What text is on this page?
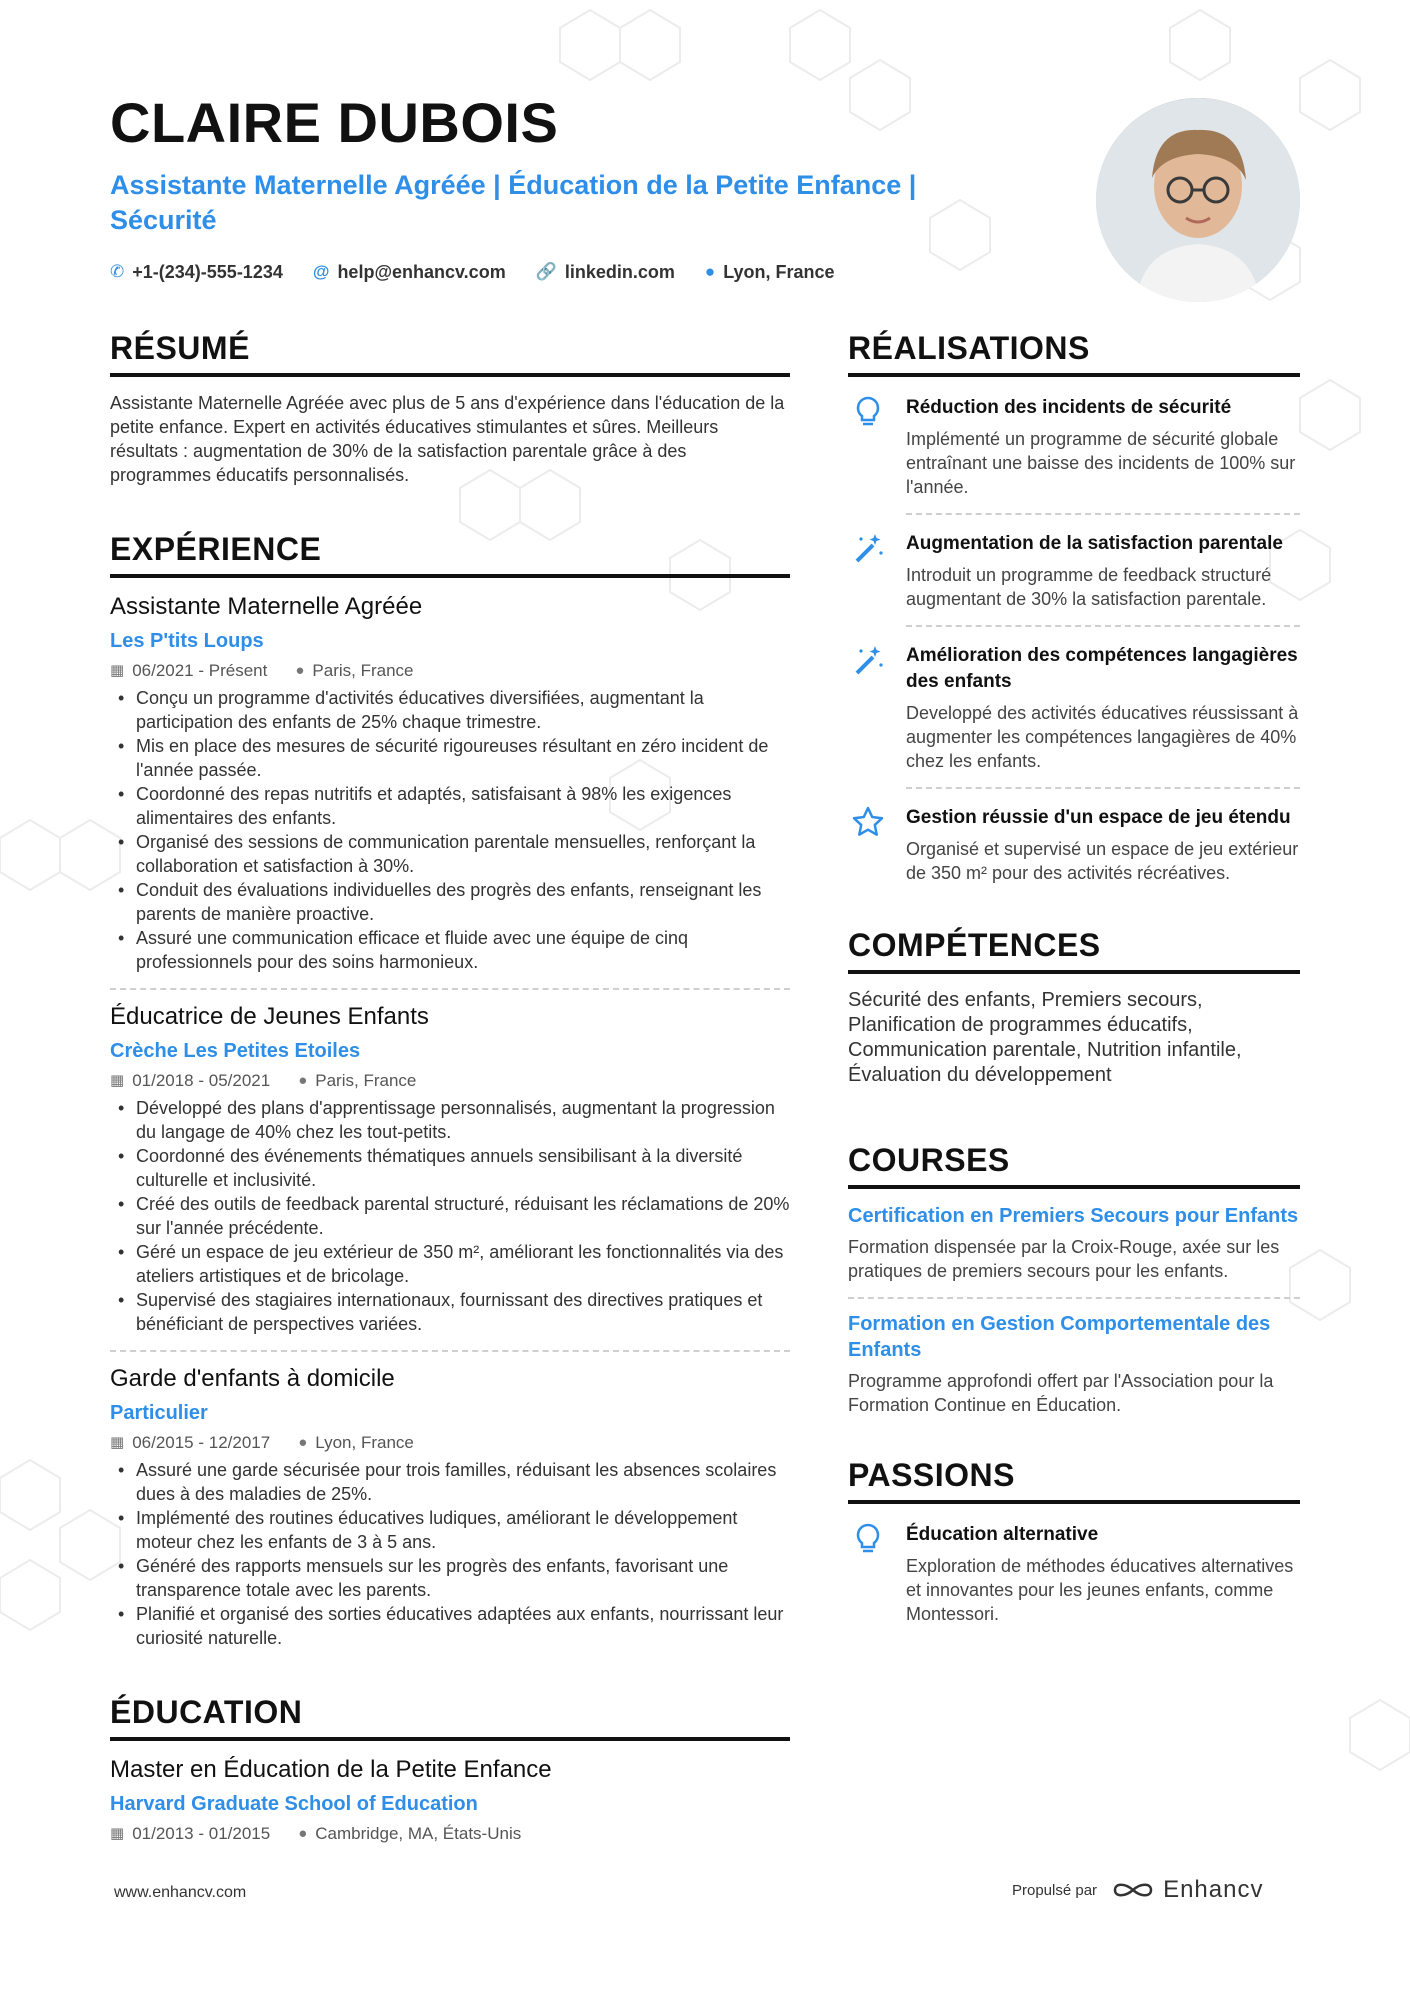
CLAIRE DUBOIS
Assistante Maternelle Agréée | Éducation de la Petite Enfance | Sécurité
✆ +1-(234)-555-1234 @ help@enhancv.com 🔗 linkedin.com ● Lyon, France
RÉSUMÉ
Assistante Maternelle Agréée avec plus de 5 ans d'expérience dans l'éducation de la petite enfance. Expert en activités éducatives stimulantes et sûres. Meilleurs résultats : augmentation de 30% de la satisfaction parentale grâce à des programmes éducatifs personnalisés.
EXPÉRIENCE
Assistante Maternelle Agréée
Les P'tits Loups
▦ 06/2021 - Présent ● Paris, France
• Conçu un programme d'activités éducatives diversifiées, augmentant la participation des enfants de 25% chaque trimestre.
• Mis en place des mesures de sécurité rigoureuses résultant en zéro incident de l'année passée.
• Coordonné des repas nutritifs et adaptés, satisfaisant à 98% les exigences alimentaires des enfants.
• Organisé des sessions de communication parentale mensuelles, renforçant la collaboration et satisfaction à 30%.
• Conduit des évaluations individuelles des progrès des enfants, renseignant les parents de manière proactive.
• Assuré une communication efficace et fluide avec une équipe de cinq professionnels pour des soins harmonieux.
Éducatrice de Jeunes Enfants
Crèche Les Petites Etoiles
▦ 01/2018 - 05/2021 ● Paris, France
• Développé des plans d'apprentissage personnalisés, augmentant la progression du langage de 40% chez les tout-petits.
• Coordonné des événements thématiques annuels sensibilisant à la diversité culturelle et inclusivité.
• Créé des outils de feedback parental structuré, réduisant les réclamations de 20% sur l'année précédente.
• Géré un espace de jeu extérieur de 350 m², améliorant les fonctionnalités via des ateliers artistiques et de bricolage.
• Supervisé des stagiaires internationaux, fournissant des directives pratiques et bénéficiant de perspectives variées.
Garde d'enfants à domicile
Particulier
▦ 06/2015 - 12/2017 ● Lyon, France
• Assuré une garde sécurisée pour trois familles, réduisant les absences scolaires dues à des maladies de 25%.
• Implémenté des routines éducatives ludiques, améliorant le développement moteur chez les enfants de 3 à 5 ans.
• Généré des rapports mensuels sur les progrès des enfants, favorisant une transparence totale avec les parents.
• Planifié et organisé des sorties éducatives adaptées aux enfants, nourrissant leur curiosité naturelle.
ÉDUCATION
Master en Éducation de la Petite Enfance
Harvard Graduate School of Education
▦ 01/2013 - 01/2015 ● Cambridge, MA, États-Unis
RÉALISATIONS
Réduction des incidents de sécurité
Implémenté un programme de sécurité globale entraînant une baisse des incidents de 100% sur l'année.
Augmentation de la satisfaction parentale
Introduit un programme de feedback structuré augmentant de 30% la satisfaction parentale.
Amélioration des compétences langagières des enfants
Developpé des activités éducatives réussissant à augmenter les compétences langagières de 40% chez les enfants.
Gestion réussie d'un espace de jeu étendu
Organisé et supervisé un espace de jeu extérieur de 350 m² pour des activités récréatives.
COMPÉTENCES
Sécurité des enfants, Premiers secours, Planification de programmes éducatifs, Communication parentale, Nutrition infantile, Évaluation du développement
COURSES
Certification en Premiers Secours pour Enfants
Formation dispensée par la Croix-Rouge, axée sur les pratiques de premiers secours pour les enfants.
Formation en Gestion Comportementale des Enfants
Programme approfondi offert par l'Association pour la Formation Continue en Éducation.
PASSIONS
Éducation alternative
Exploration de méthodes éducatives alternatives et innovantes pour les jeunes enfants, comme Montessori.
www.enhancv.com	Propulsé par	Enhancv
